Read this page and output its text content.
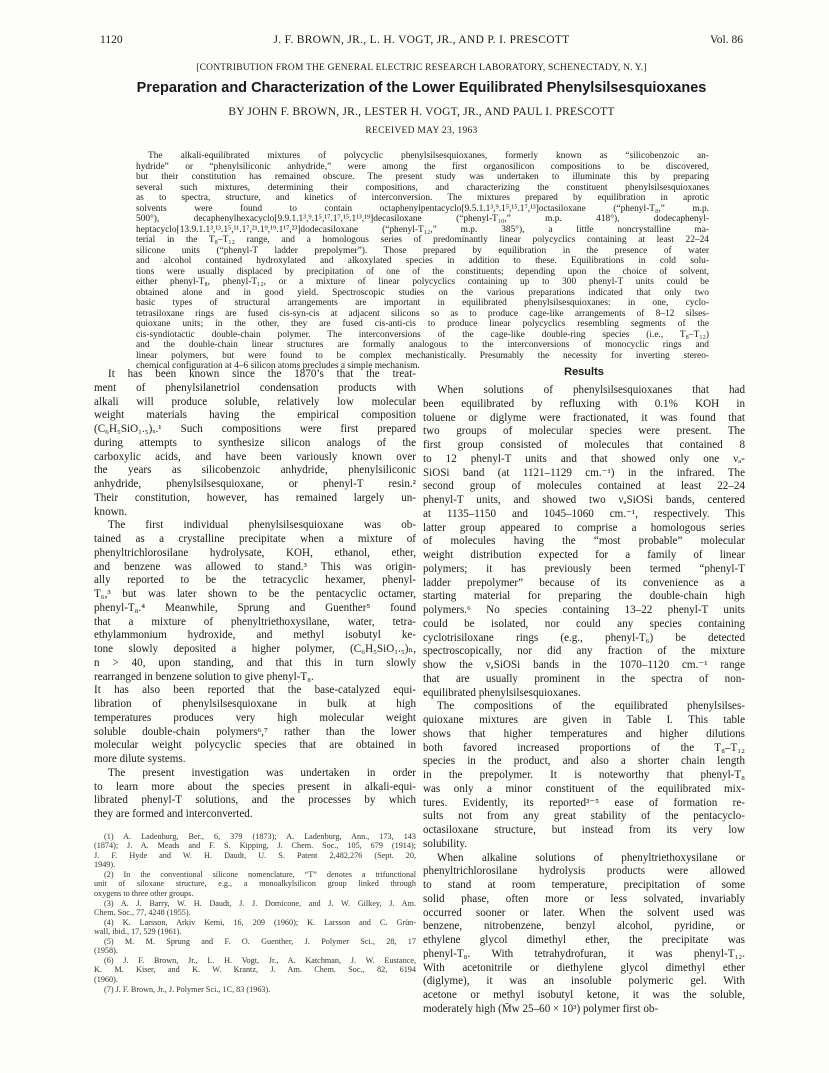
1120	J. F. BROWN, JR., L. H. VOGT, JR., AND P. I. PRESCOTT	Vol. 86
[CONTRIBUTION FROM THE GENERAL ELECTRIC RESEARCH LABORATORY, SCHENECTADY, N. Y.]
Preparation and Characterization of the Lower Equilibrated Phenylsilsesquioxanes
BY JOHN F. BROWN, JR., LESTER H. VOGT, JR., AND PAUL I. PRESCOTT
RECEIVED MAY 23, 1963
The alkali-equilibrated mixtures of polycyclic phenylsilsesquioxanes, formerly known as “silicobenzoic an-
hydride” or “phenylsiliconic anhydride,” were among the first organosilicon compositions to be discovered,
but their constitution has remained obscure. The present study was undertaken to illuminate this by preparing
several such mixtures, determining their compositions, and characterizing the constituent phenylsilsesquioxanes
as to spectra, structure, and kinetics of interconversion. The mixtures prepared by equilibration in aprotic
solvents were found to contain octaphenylpentacyclo[9.5.1.1³,⁹.1⁵,¹⁵.1⁷,¹³]octasiloxane (“phenyl-T₈,” m.p.
500°), decaphenylhexacyclo[9.9.1.1³,⁹.1⁵,¹⁷.1⁷,¹⁵.1¹³,¹⁹]decasiloxane (“phenyl-T₁₀,” m.p. 418°), dodecaphenyl-
heptacyclo[13.9.1.1³,¹³.1⁵,¹¹.1⁷,²¹.1⁹,¹⁹.1¹⁷,²³]dodecasiloxane (“phenyl-T₁₂,” m.p. 385°), a little noncrystalline ma-
terial in the T₈–T₁₂ range, and a homologous series of predominantly linear polycyclics containing at least 22–24
silicone units (“phenyl-T ladder prepolymer”). Those prepared by equilibration in the presence of water
and alcohol contained hydroxylated and alkoxylated species in addition to these. Equilibrations in cold solu-
tions were usually displaced by precipitation of one of the constituents; depending upon the choice of solvent,
either phenyl-T₈, phenyl-T₁₂, or a mixture of linear polycyclics containing up to 300 phenyl-T units could be
obtained alone and in good yield. Spectroscopic studies on the various preparations indicated that only two
basic types of structural arrangements are important in equilibrated phenylsilsesquioxanes: in one, cyclo-
tetrasiloxane rings are fused cis-syn-cis at adjacent silicons so as to produce cage-like arrangements of 8–12 silses-
quioxane units; in the other, they are fused cis-anti-cis to produce linear polycyclics resembling segments of the
cis-syndiotactic double-chain polymer. The interconversions of the cage-like double-ring species (i.e., T₈–T₁₂)
and the double-chain linear structures are formally analogous to the interconversions of monocyclic rings and
linear polymers, but were found to be complex mechanistically. Presumably the necessity for inverting stereo-
chemical configuration at 4–6 silicon atoms precludes a simple mechanism.
It has been known since the 1870’s that the treat-
ment of phenylsilanetriol condensation products with
alkali will produce soluble, relatively low molecular
weight materials having the empirical composition
(C₆H₅SiO₁.₅)ₓ.¹ Such compositions were first prepared
during attempts to synthesize silicon analogs of the
carboxylic acids, and have been variously known over
the years as silicobenzoic anhydride, phenylsiliconic
anhydride, phenylsilsesquioxane, or phenyl-T resin.²
Their constitution, however, has remained largely un-
known.
The first individual phenylsilsesquioxane was ob-
tained as a crystalline precipitate when a mixture of
phenyltrichlorosilane hydrolysate, KOH, ethanol, ether,
and benzene was allowed to stand.³ This was origin-
ally reported to be the tetracyclic hexamer, phenyl-
T₆,³ but was later shown to be the pentacyclic octamer,
phenyl-T₈.⁴ Meanwhile, Sprung and Guenther⁵ found
that a mixture of phenyltriethoxysilane, water, tetra-
ethylammonium hydroxide, and methyl isobutyl ke-
tone slowly deposited a higher polymer, (C₆H₅SiO₁.₅)ₙ,
n > 40, upon standing, and that this in turn slowly
rearranged in benzene solution to give phenyl-T₈.
It has also been reported that the base-catalyzed equi-
libration of phenylsilsesquioxane in bulk at high
temperatures produces very high molecular weight
soluble double-chain polymers⁶,⁷ rather than the lower
molecular weight polycyclic species that are obtained in
more dilute systems.
The present investigation was undertaken in order
to learn more about the species present in alkali-equi-
librated phenyl-T solutions, and the processes by which
they are formed and interconverted.
(1) A. Ladenburg, Ber., 6, 379 (1873); A. Ladenburg, Ann., 173, 143
(1874); J. A. Meads and F. S. Kipping, J. Chem. Soc., 105, 679 (1914);
J. F. Hyde and W. H. Daudt, U. S. Patent 2,482,276 (Sept. 20,
1949).
(2) In the conventional silicone nomenclature, “T” denotes a trifunctional
unit of siloxane structure, e.g., a monoalkylsilicon group linked through
oxygens to three other groups.
(3) A. J. Barry, W. H. Daudt, J. J. Domicone, and J. W. Gilkey, J. Am.
Chem. Soc., 77, 4248 (1955).
(4) K. Larsson, Arkiv Kemi, 16, 209 (1960); K. Larsson and C. Grün-
wall, ibid., 17, 529 (1961).
(5) M. M. Sprung and F. O. Guenther, J. Polymer Sci., 28, 17
(1958).
(6) J. F. Brown, Jr., L. H. Vogt, Jr., A. Katchman, J. W. Eustance,
K. M. Kiser, and K. W. Krantz, J. Am. Chem. Soc., 82, 6194
(1960).
(7) J. F. Brown, Jr., J. Polymer Sci., 1C, 83 (1963).
Results
When solutions of phenylsilsesquioxanes that had
been equilibrated by refluxing with 0.1% KOH in
toluene or diglyme were fractionated, it was found that
two groups of molecular species were present. The
first group consisted of molecules that contained 8
to 12 phenyl-T units and that showed only one νₐ-
SiOSi band (at 1121–1129 cm.⁻¹) in the infrared. The
second group of molecules contained at least 22–24
phenyl-T units, and showed two νₐSiOSi bands, centered
at 1135–1150 and 1045–1060 cm.⁻¹, respectively. This
latter group appeared to comprise a homologous series
of molecules having the “most probable” molecular
weight distribution expected for a family of linear
polymers; it has previously been termed “phenyl-T
ladder prepolymer” because of its convenience as a
starting material for preparing the double-chain high
polymers.⁶ No species containing 13–22 phenyl-T units
could be isolated, nor could any species containing
cyclotrisiloxane rings (e.g., phenyl-T₆) be detected
spectroscopically, nor did any fraction of the mixture
show the νₐSiOSi bands in the 1070–1120 cm.⁻¹ range
that are usually prominent in the spectra of non-
equilibrated phenylsilsesquioxanes.
The compositions of the equilibrated phenylsilses-
quioxane mixtures are given in Table I. This table
shows that higher temperatures and higher dilutions
both favored increased proportions of the T₈–T₁₂
species in the product, and also a shorter chain length
in the prepolymer. It is noteworthy that phenyl-T₈
was only a minor constituent of the equilibrated mix-
tures. Evidently, its reported³⁻⁵ ease of formation re-
sults not from any great stability of the pentacyclo-
octasiloxane structure, but instead from its very low
solubility.
When alkaline solutions of phenyltriethoxysilane or
phenyltrichlorosilane hydrolysis products were allowed
to stand at room temperature, precipitation of some
solid phase, often more or less solvated, invariably
occurred sooner or later. When the solvent used was
benzene, nitrobenzene, benzyl alcohol, pyridine, or
ethylene glycol dimethyl ether, the precipitate was
phenyl-T₈. With tetrahydrofuran, it was phenyl-T₁₂.
With acetonitrile or diethylene glycol dimethyl ether
(diglyme), it was an insoluble polymeric gel. With
acetone or methyl isobutyl ketone, it was the soluble,
moderately high (M̄w 25–60 × 10³) polymer first ob-
